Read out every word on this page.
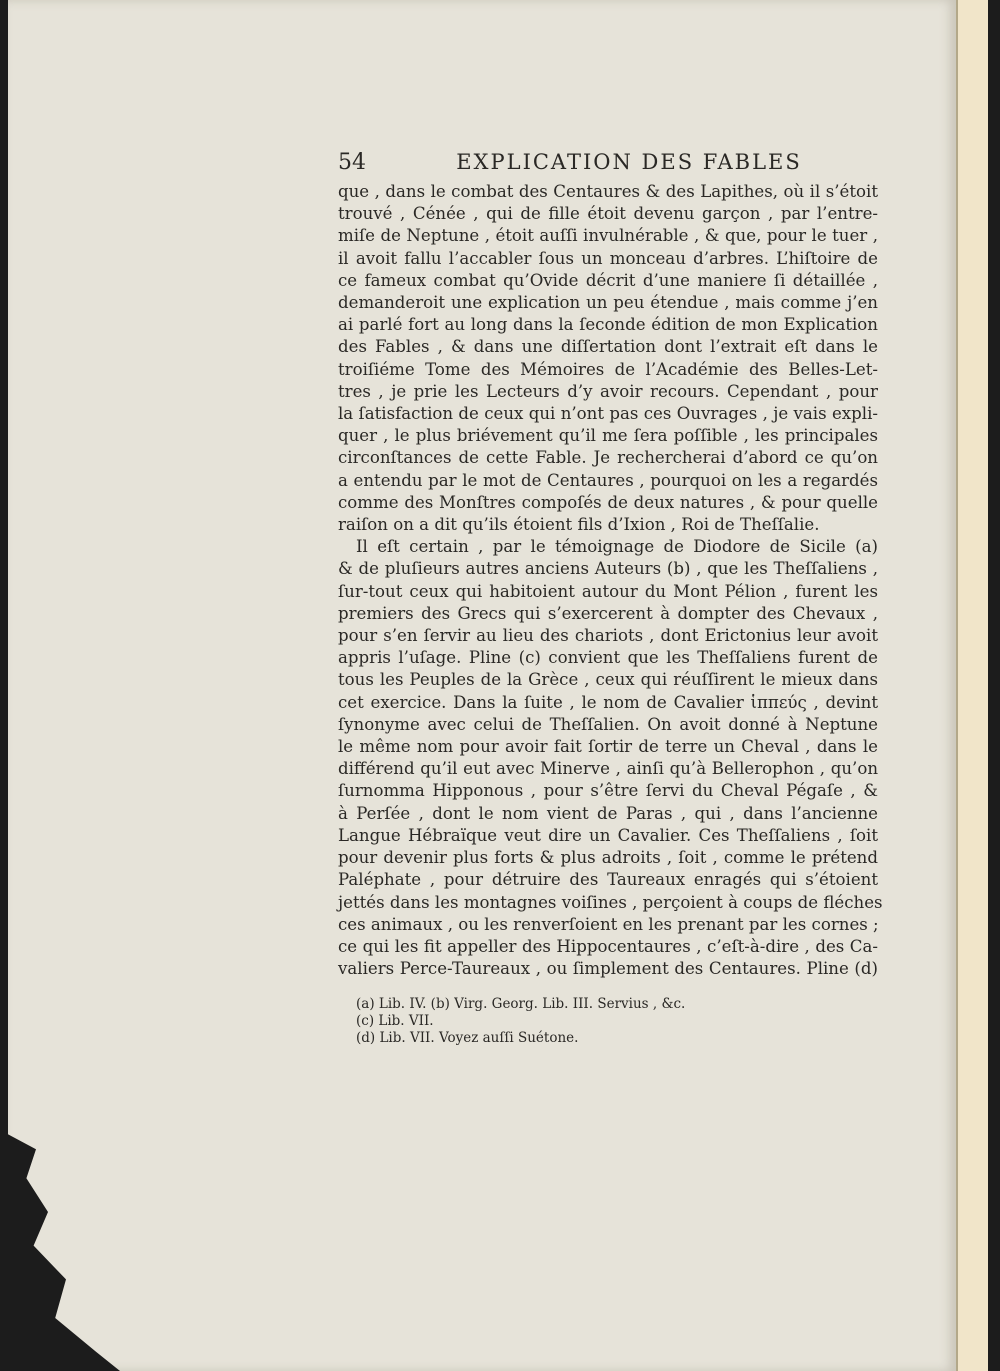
54	EXPLICATION DES FABLES
que , dans le combat des Centaures & des Lapithes, où il s’étoit
trouvé , Cénée , qui de fille étoit devenu garçon , par l’entre-
miſe de Neptune , étoit auſſi invulnérable , & que, pour le tuer ,
il avoit fallu l’accabler ſous un monceau d’arbres. L’hiſtoire de
ce fameux combat qu’Ovide décrit d’une maniere ſi détaillée ,
demanderoit une explication un peu étendue , mais comme j’en
ai parlé fort au long dans la ſeconde édition de mon Explication
des Fables , & dans une diſſertation dont l’extrait eſt dans le
troiſiéme Tome des Mémoires de l’Académie des Belles-Let-
tres , je prie les Lecteurs d’y avoir recours. Cependant , pour
la ſatisfaction de ceux qui n’ont pas ces Ouvrages , je vais expli-
quer , le plus briévement qu’il me ſera poſſible , les principales
circonſtances de cette Fable. Je rechercherai d’abord ce qu’on
a entendu par le mot de Centaures , pourquoi on les a regardés
comme des Monſtres compoſés de deux natures , & pour quelle
raiſon on a dit qu’ils étoient fils d’Ixion , Roi de Theſſalie.
Il eſt certain , par le témoignage de Diodore de Sicile (a)
& de pluſieurs autres anciens Auteurs (b) , que les Theſſaliens ,
ſur-tout ceux qui habitoient autour du Mont Pélion , furent les
premiers des Grecs qui s’exercerent à dompter des Chevaux ,
pour s’en ſervir au lieu des chariots , dont Erictonius leur avoit
appris l’uſage. Pline (c) convient que les Theſſaliens furent de
tous les Peuples de la Grèce , ceux qui réuſſirent le mieux dans
cet exercice. Dans la ſuite , le nom de Cavalier ἱππεύς , devint
ſynonyme avec celui de Theſſalien. On avoit donné à Neptune
le même nom pour avoir fait ſortir de terre un Cheval , dans le
différend qu’il eut avec Minerve , ainſi qu’à Bellerophon , qu’on
ſurnomma Hipponous , pour s’être ſervi du Cheval Pégaſe , &
à Perſée , dont le nom vient de Paras , qui , dans l’ancienne
Langue Hébraïque veut dire un Cavalier. Ces Theſſaliens , ſoit
pour devenir plus forts & plus adroits , ſoit , comme le prétend
Paléphate , pour détruire des Taureaux enragés qui s’étoient
jettés dans les montagnes voiſines , perçoient à coups de fléches
ces animaux , ou les renverſoient en les prenant par les cornes ;
ce qui les fit appeller des Hippocentaures , c’eſt-à-dire , des Ca-
valiers Perce-Taureaux , ou ſimplement des Centaures. Pline (d)
(a) Lib. IV. (b) Virg. Georg. Lib. III. Servius , &c.
(c) Lib. VII.
(d) Lib. VII. Voyez auſſi Suétone.
